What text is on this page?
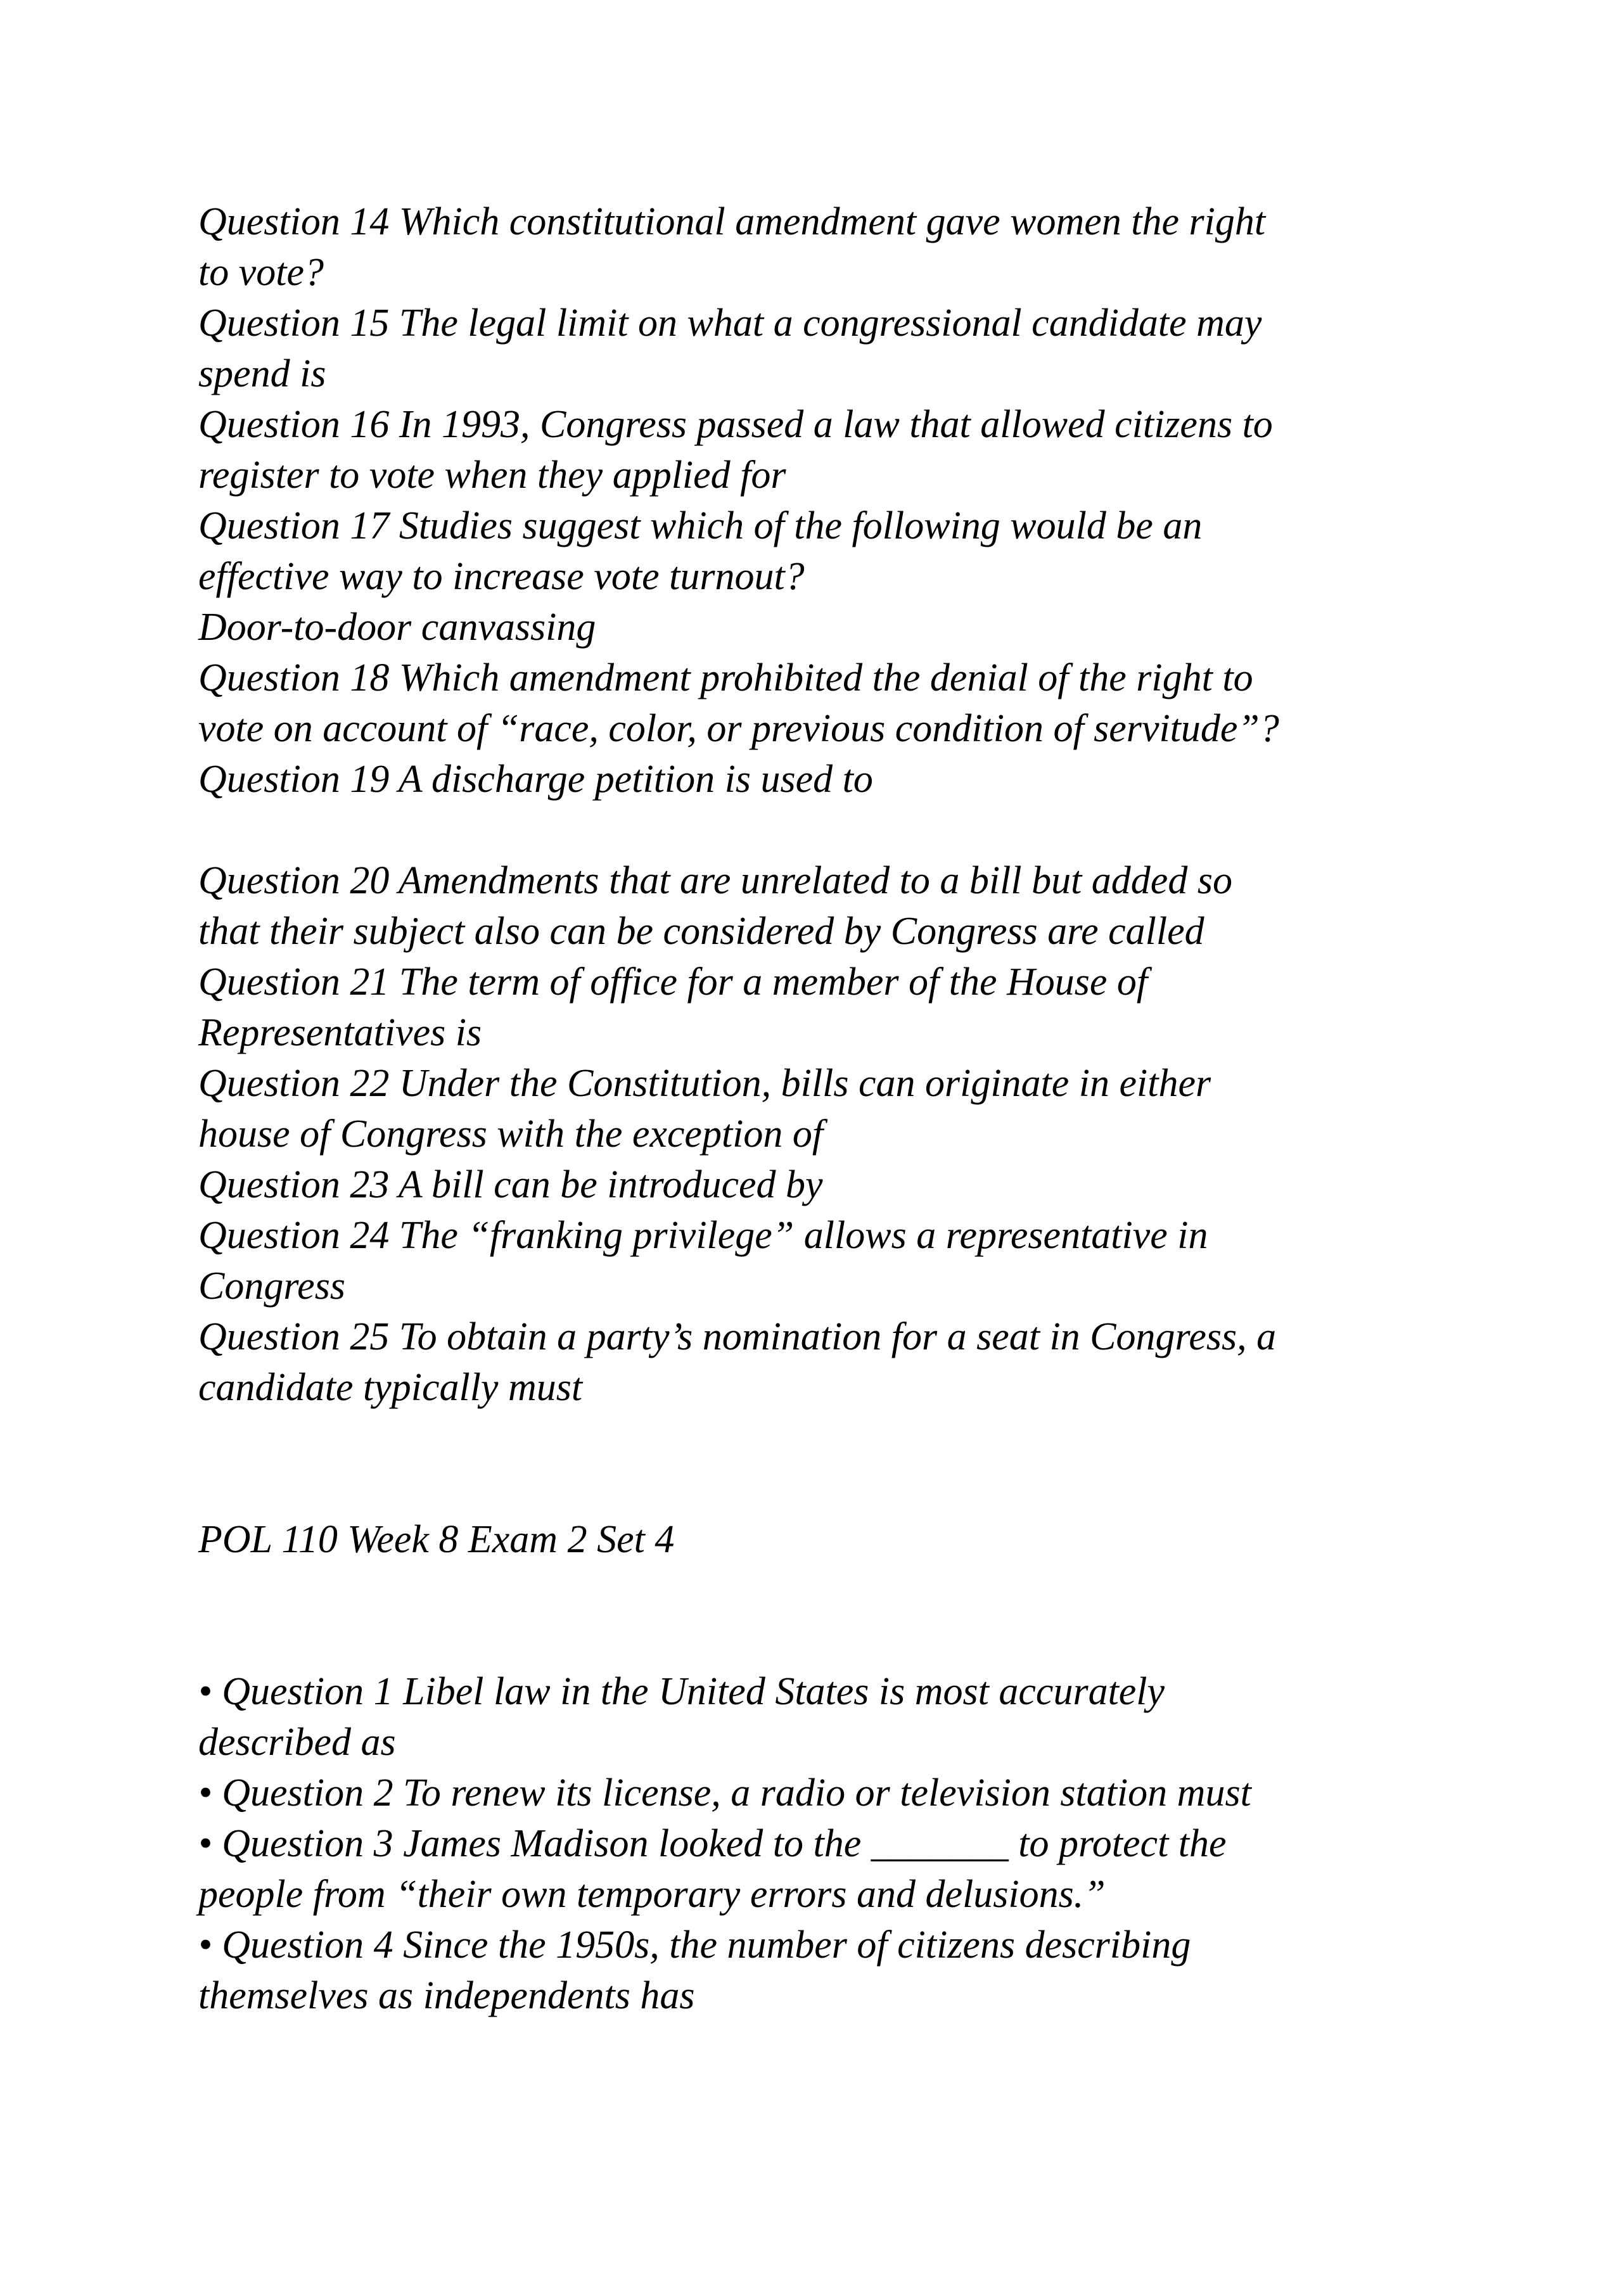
Question 14 Which constitutional amendment gave women the right
to vote?
Question 15 The legal limit on what a congressional candidate may
spend is
Question 16 In 1993, Congress passed a law that allowed citizens to
register to vote when they applied for
Question 17 Studies suggest which of the following would be an
effective way to increase vote turnout?
Door-to-door canvassing
Question 18 Which amendment prohibited the denial of the right to
vote on account of “race, color, or previous condition of servitude”?
Question 19 A discharge petition is used to
Question 20 Amendments that are unrelated to a bill but added so
that their subject also can be considered by Congress are called
Question 21 The term of office for a member of the House of
Representatives is
Question 22 Under the Constitution, bills can originate in either
house of Congress with the exception of
Question 23 A bill can be introduced by
Question 24 The “franking privilege” allows a representative in
Congress
Question 25 To obtain a party’s nomination for a seat in Congress, a
candidate typically must
POL 110 Week 8 Exam 2 Set 4
• Question 1 Libel law in the United States is most accurately
described as
• Question 2 To renew its license, a radio or television station must
• Question 3 James Madison looked to the _______ to protect the
people from “their own temporary errors and delusions.”
• Question 4 Since the 1950s, the number of citizens describing
themselves as independents has
